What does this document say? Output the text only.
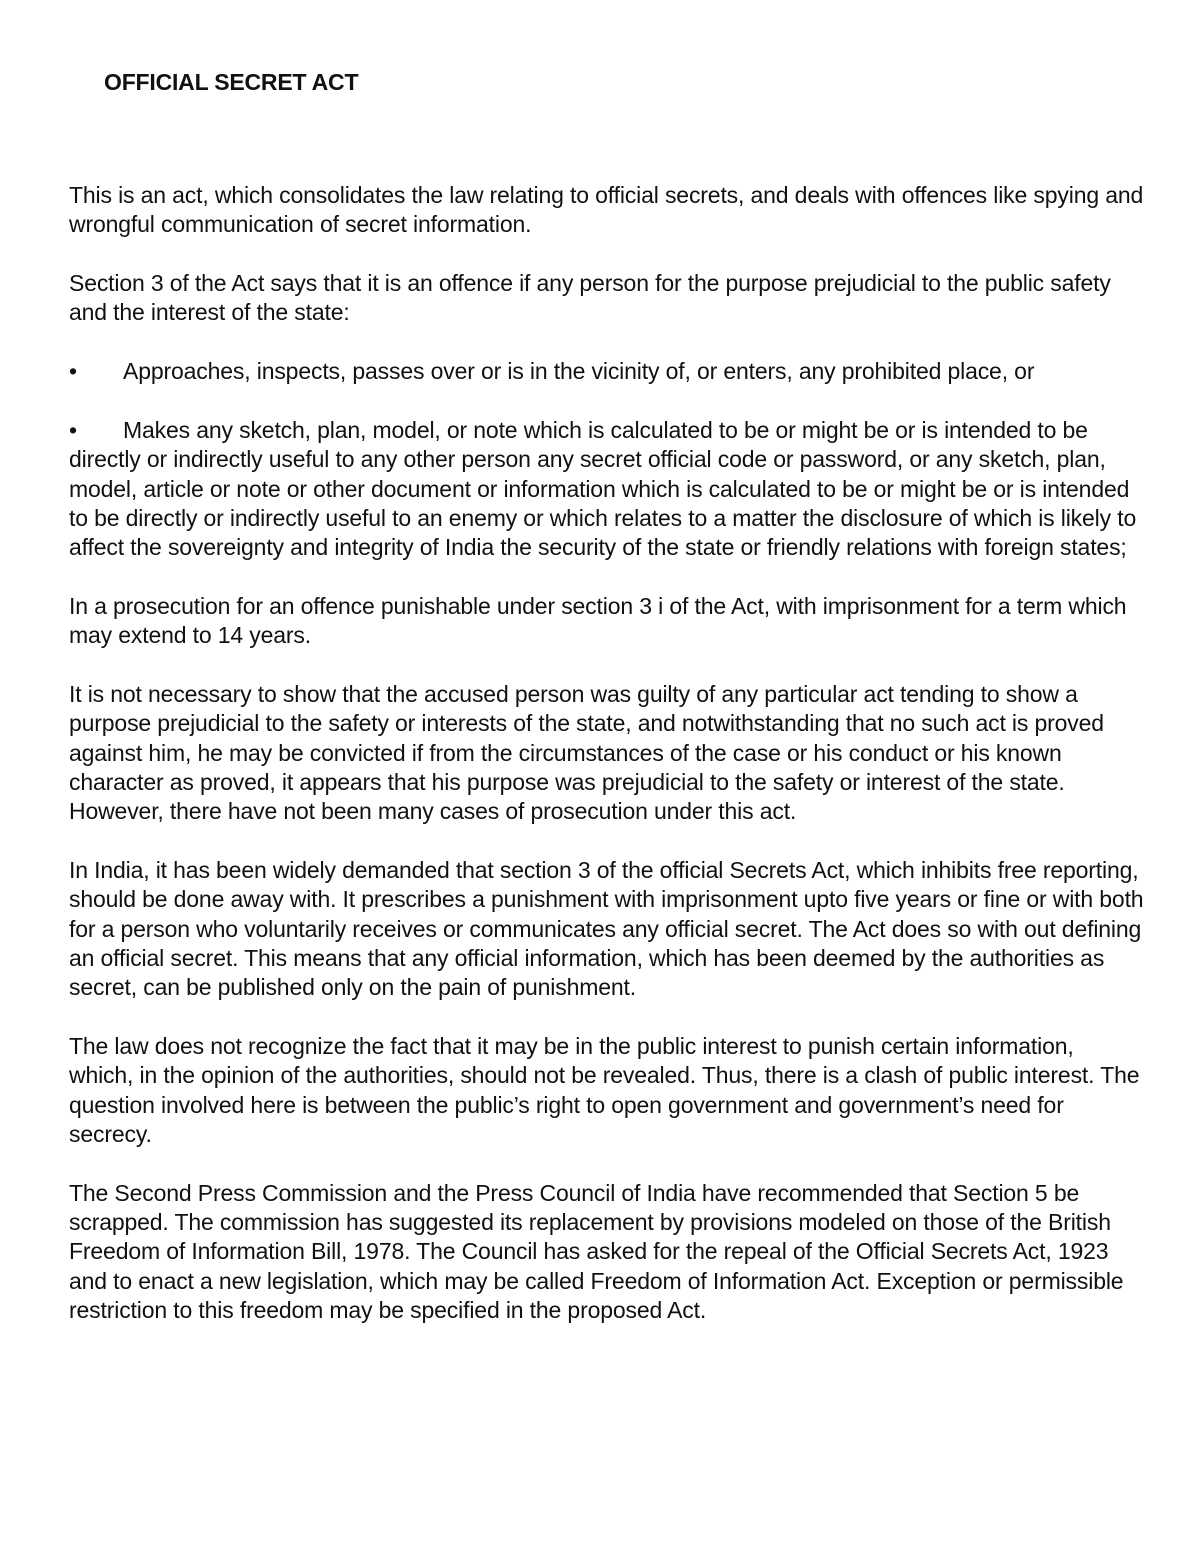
OFFICIAL SECRET ACT

This is an act, which consolidates the law relating to official secrets, and deals with offences like spying and wrongful communication of secret information.

Section 3 of the Act says that it is an offence if any person for the purpose prejudicial to the public safety and the interest of the state:

• Approaches, inspects, passes over or is in the vicinity of, or enters, any prohibited place, or

• Makes any sketch, plan, model, or note which is calculated to be or might be or is intended to be directly or indirectly useful to any other person any secret official code or password, or any sketch, plan, model, article or note or other document or information which is calculated to be or might be or is intended to be directly or indirectly useful to an enemy or which relates to a matter the disclosure of which is likely to affect the sovereignty and integrity of India the security of the state or friendly relations with foreign states;

In a prosecution for an offence punishable under section 3 i of the Act, with imprisonment for a term which may extend to 14 years.

It is not necessary to show that the accused person was guilty of any particular act tending to show a purpose prejudicial to the safety or interests of the state, and notwithstanding that no such act is proved against him, he may be convicted if from the circumstances of the case or his conduct or his known character as proved, it appears that his purpose was prejudicial to the safety or interest of the state. However, there have not been many cases of prosecution under this act.

In India, it has been widely demanded that section 3 of the official Secrets Act, which inhibits free reporting, should be done away with. It prescribes a punishment with imprisonment upto five years or fine or with both for a person who voluntarily receives or communicates any official secret. The Act does so with out defining an official secret. This means that any official information, which has been deemed by the authorities as secret, can be published only on the pain of punishment.

The law does not recognize the fact that it may be in the public interest to punish certain information, which, in the opinion of the authorities, should not be revealed. Thus, there is a clash of public interest. The question involved here is between the public’s right to open government and government’s need for secrecy.

The Second Press Commission and the Press Council of India have recommended that Section 5 be scrapped. The commission has suggested its replacement by provisions modeled on those of the British Freedom of Information Bill, 1978. The Council has asked for the repeal of the Official Secrets Act, 1923 and to enact a new legislation, which may be called Freedom of Information Act. Exception or permissible restriction to this freedom may be specified in the proposed Act.
